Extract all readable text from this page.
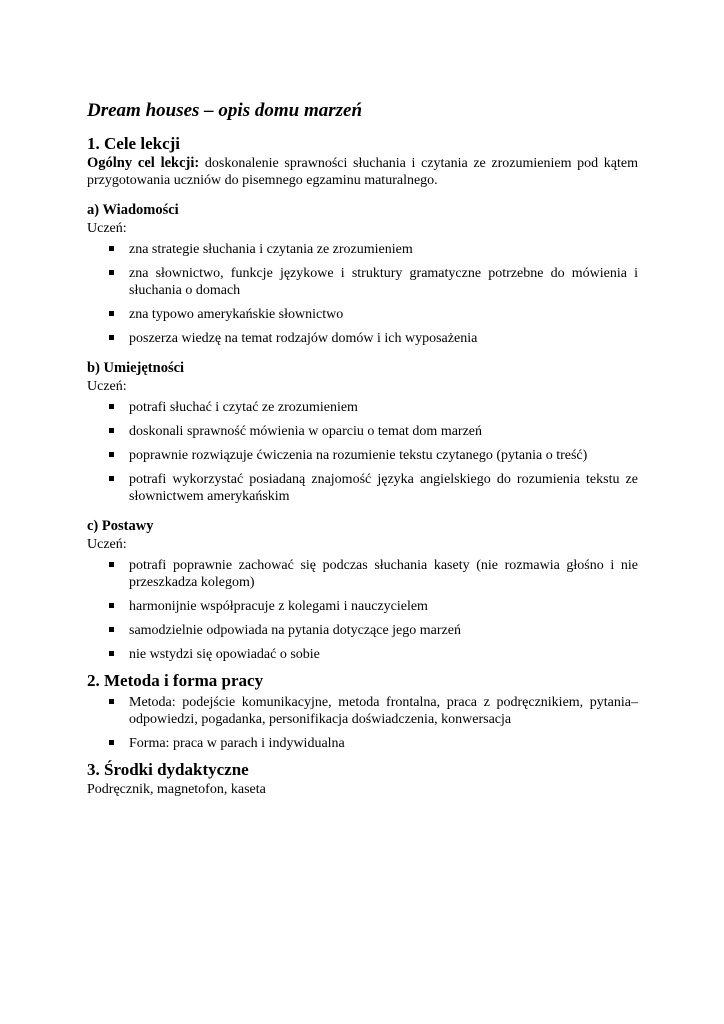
Dream houses – opis domu marzeń
1. Cele lekcji

Ogólny cel lekcji: doskonalenie sprawności słuchania i czytania ze zrozumieniem pod kątem przygotowania uczniów do pisemnego egzaminu maturalnego.

a) Wiadomości

Uczeń:

zna strategie słuchania i czytania ze zrozumieniem
zna słownictwo, funkcje językowe i struktury gramatyczne potrzebne do mówienia i słuchania o domach
zna typowo amerykańskie słownictwo
poszerza wiedzę na temat rodzajów domów i ich wyposażenia
b) Umiejętności

Uczeń:

potrafi słuchać i czytać ze zrozumieniem
doskonali sprawność mówienia w oparciu o temat dom marzeń
poprawnie rozwiązuje ćwiczenia na rozumienie tekstu czytanego (pytania o treść)
potrafi wykorzystać posiadaną znajomość języka angielskiego do rozumienia tekstu ze słownictwem amerykańskim
c) Postawy

Uczeń:

potrafi poprawnie zachować się podczas słuchania kasety (nie rozmawia głośno i nie przeszkadza kolegom)
harmonijnie współpracuje z kolegami i nauczycielem
samodzielnie odpowiada na pytania dotyczące jego marzeń
nie wstydzi się opowiadać o sobie
2. Metoda i forma pracy
Metoda: podejście komunikacyjne, metoda frontalna, praca z podręcznikiem, pytania–odpowiedzi, pogadanka, personifikacja doświadczenia, konwersacja
Forma: praca w parach i indywidualna
3. Środki dydaktyczne

Podręcznik, magnetofon, kaseta
